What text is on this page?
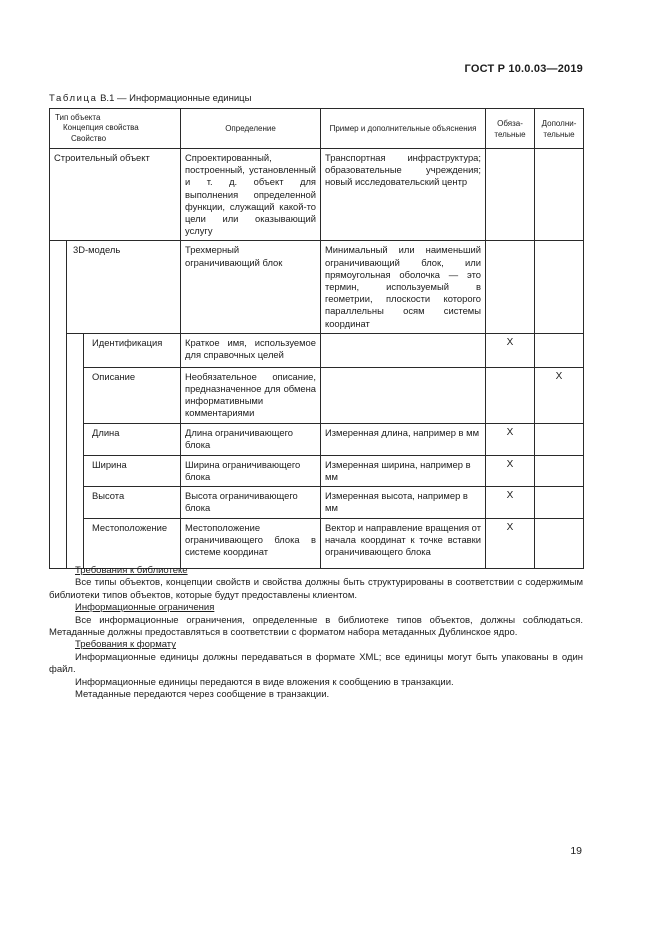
ГОСТ Р 10.0.03—2019
Таблица В.1 — Информационные единицы
Тип объекта
Концепция свойства
Свойство			Определение	Пример и дополнительные объяснения	Обяза-тельные	Дополни-тельные
Строительный объект			Спроектированный, построенный, установленный и т. д. объект для выполнения определенной функции, служащий какой-то цели или оказывающий услугу	Транспортная инфраструктура; образовательные учреждения; новый исследовательский центр		
	3D-модель		Трехмерный ограничивающий блок	Минимальный или наименьший ограничивающий блок, или прямоугольная оболочка — это термин, используемый в геометрии, плоскости которого параллельны осям системы координат		
		Идентификация	Краткое имя, используемое для справочных целей		X	
		Описание	Необязательное описание, предназначенное для обмена информативными комментариями			X
		Длина	Длина ограничивающего блока	Измеренная длина, например в мм	X	
		Ширина	Ширина ограничивающего блока	Измеренная ширина, например в мм	X	
		Высота	Высота ограничивающего блока	Измеренная высота, например в мм	X	
		Местоположение	Местоположение ограничивающего блока в системе координат	Вектор и направление вращения от начала координат к точке вставки ограничивающего блока	X	
Требования к библиотеке
Все типы объектов, концепции свойств и свойства должны быть структурированы в соответствии с содержимым библиотеки типов объектов, которые будут предоставлены клиентом.
Информационные ограничения
Все информационные ограничения, определенные в библиотеке типов объектов, должны соблюдаться. Метаданные должны предоставляться в соответствии с форматом набора метаданных Дублинское ядро.
Требования к формату
Информационные единицы должны передаваться в формате XML; все единицы могут быть упакованы в один файл.
Информационные единицы передаются в виде вложения к сообщению в транзакции.
Метаданные передаются через сообщение в транзакции.
19
